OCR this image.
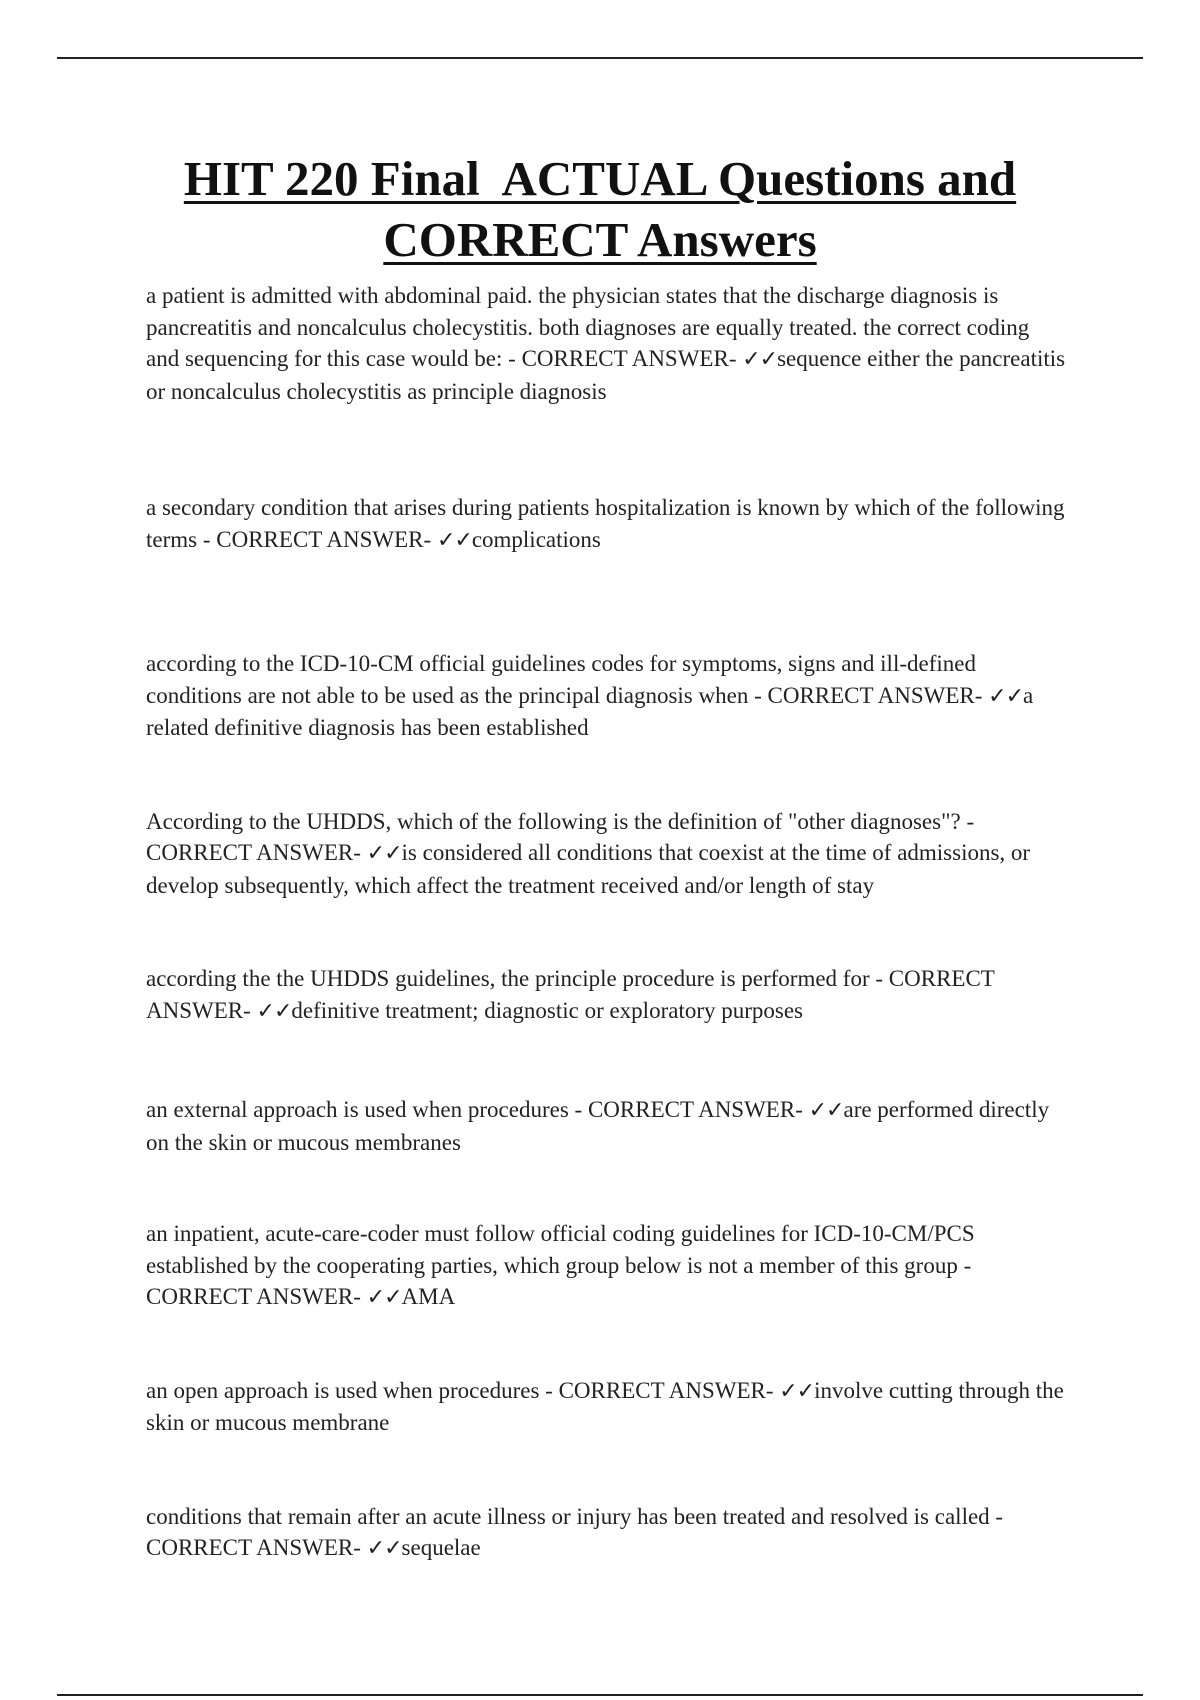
HIT 220 Final  ACTUAL Questions and
CORRECT Answers
a patient is admitted with abdominal paid. the physician states that the discharge diagnosis is pancreatitis and noncalculus cholecystitis. both diagnoses are equally treated. the correct coding and sequencing for this case would be: - CORRECT ANSWER- ✓✓sequence either the pancreatitis or noncalculus cholecystitis as principle diagnosis
a secondary condition that arises during patients hospitalization is known by which of the following terms - CORRECT ANSWER- ✓✓complications
according to the ICD-10-CM official guidelines codes for symptoms, signs and ill-defined conditions are not able to be used as the principal diagnosis when - CORRECT ANSWER- ✓✓a related definitive diagnosis has been established
According to the UHDDS, which of the following is the definition of "other diagnoses"? - CORRECT ANSWER- ✓✓is considered all conditions that coexist at the time of admissions, or develop subsequently, which affect the treatment received and/or length of stay
according the the UHDDS guidelines, the principle procedure is performed for - CORRECT ANSWER- ✓✓definitive treatment; diagnostic or exploratory purposes
an external approach is used when procedures - CORRECT ANSWER- ✓✓are performed directly on the skin or mucous membranes
an inpatient, acute-care-coder must follow official coding guidelines for ICD-10-CM/PCS established by the cooperating parties, which group below is not a member of this group - CORRECT ANSWER- ✓✓AMA
an open approach is used when procedures - CORRECT ANSWER- ✓✓involve cutting through the skin or mucous membrane
conditions that remain after an acute illness or injury has been treated and resolved is called - CORRECT ANSWER- ✓✓sequelae
